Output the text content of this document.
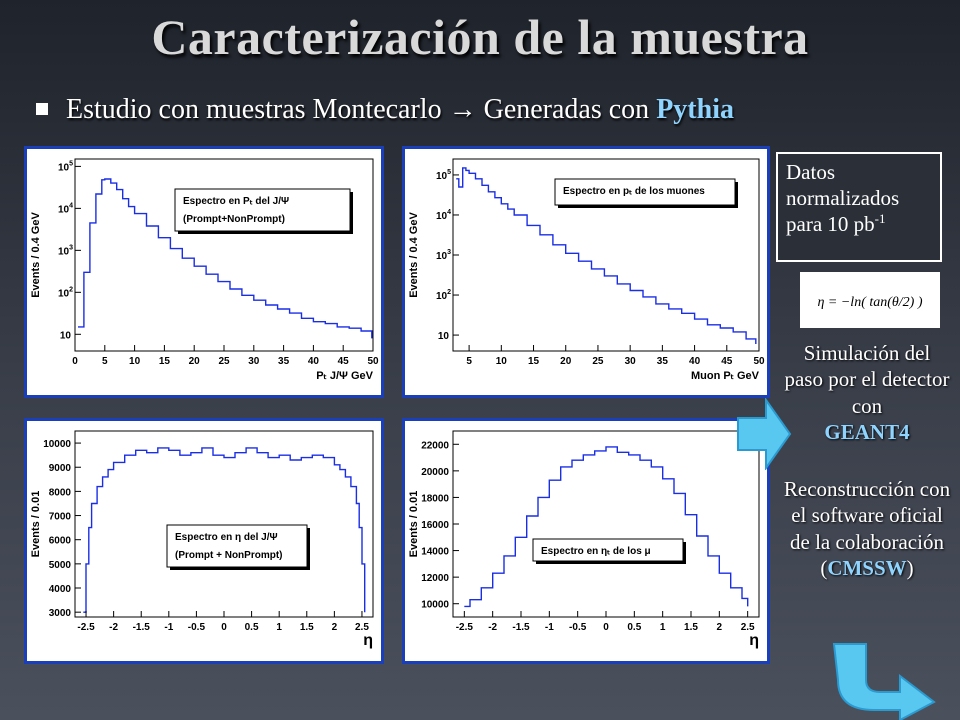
Caracterización de la muestra
Estudio con muestras Montecarlo → Generadas con Pythia
0 5 10 15 20 25 30 35 40 45 50
10
$10^2$
$10^3$
$10^4$
$10^5$
Events / 0.4 GeV
Pₜ J/Ψ GeV
Espectro en Pₜ del J/Ψ
(Prompt+NonPrompt)
5 10 15 20 25 30 35 40 45 50
10
$10^2$
$10^3$
$10^4$
$10^5$
Events / 0.4 GeV
Muon Pₜ GeV
Espectro en pₜ de los muones
-2.5 -2 -1.5 -1 -0.5 0 0.5 1 1.5 2 2.5
3000
4000
5000
6000
7000
8000
9000
10000
Events / 0.01
η
Espectro en η del J/Ψ
(Prompt + NonPrompt)
-2.5 -2 -1.5 -1 -0.5 0 0.5 1 1.5 2 2.5
10000
12000
14000
16000
18000
20000
22000
Events / 0.01
η
Espectro en ηₜ de los μ
Datos
normalizados
para 10 $pb^{-1}$
η = −ln( tan(θ/2) )
Simulación del paso por el detector con
GEANT4
Reconstrucción con el software oficial de la colaboración
(CMSSW)
